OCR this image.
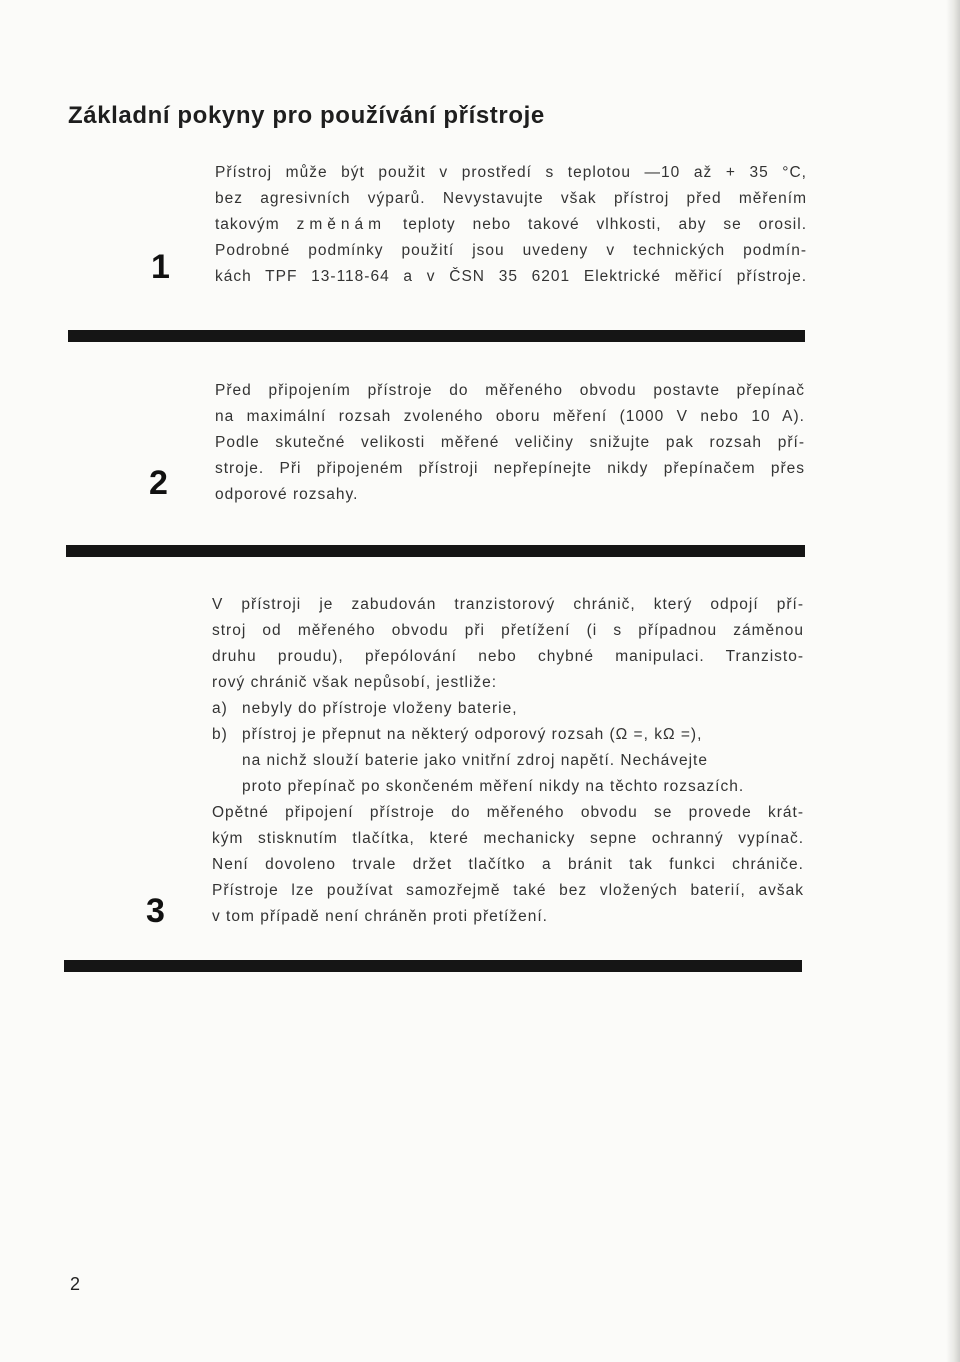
Základní pokyny pro používání přístroje
1
Přístroj může být použit v prostředí s teplotou —10 až + 35 °C,
bez agresivních výparů. Nevystavujte však přístroj před měřením
takovým změnám teploty nebo takové vlhkosti, aby se orosil.
Podrobné podmínky použití jsou uvedeny v technických podmín-
kách TPF 13-118-64 a v ČSN 35 6201 Elektrické měřicí přístroje.
2
Před připojením přístroje do měřeného obvodu postavte přepínač
na maximální rozsah zvoleného oboru měření (1000 V nebo 10 A).
Podle skutečné velikosti měřené veličiny snižujte pak rozsah pří-
stroje. Při připojeném přístroji nepřepínejte nikdy přepínačem přes
odporové rozsahy.
3
V přístroji je zabudován tranzistorový chránič, který odpojí pří-
stroj od měřeného obvodu při přetížení (i s případnou záměnou
druhu proudu), přepólování nebo chybné manipulaci. Tranzisto-
rový chránič však nepůsobí, jestliže:
a) nebyly do přístroje vloženy baterie,
b) přístroj je přepnut na některý odporový rozsah (Ω =, kΩ =),
na nichž slouží baterie jako vnitřní zdroj napětí. Nechávejte
proto přepínač po skončeném měření nikdy na těchto rozsazích.
Opětné připojení přístroje do měřeného obvodu se provede krát-
kým stisknutím tlačítka, které mechanicky sepne ochranný vypínač.
Není dovoleno trvale držet tlačítko a bránit tak funkci chrániče.
Přístroje lze používat samozřejmě také bez vložených baterií, avšak
v tom případě není chráněn proti přetížení.
2
